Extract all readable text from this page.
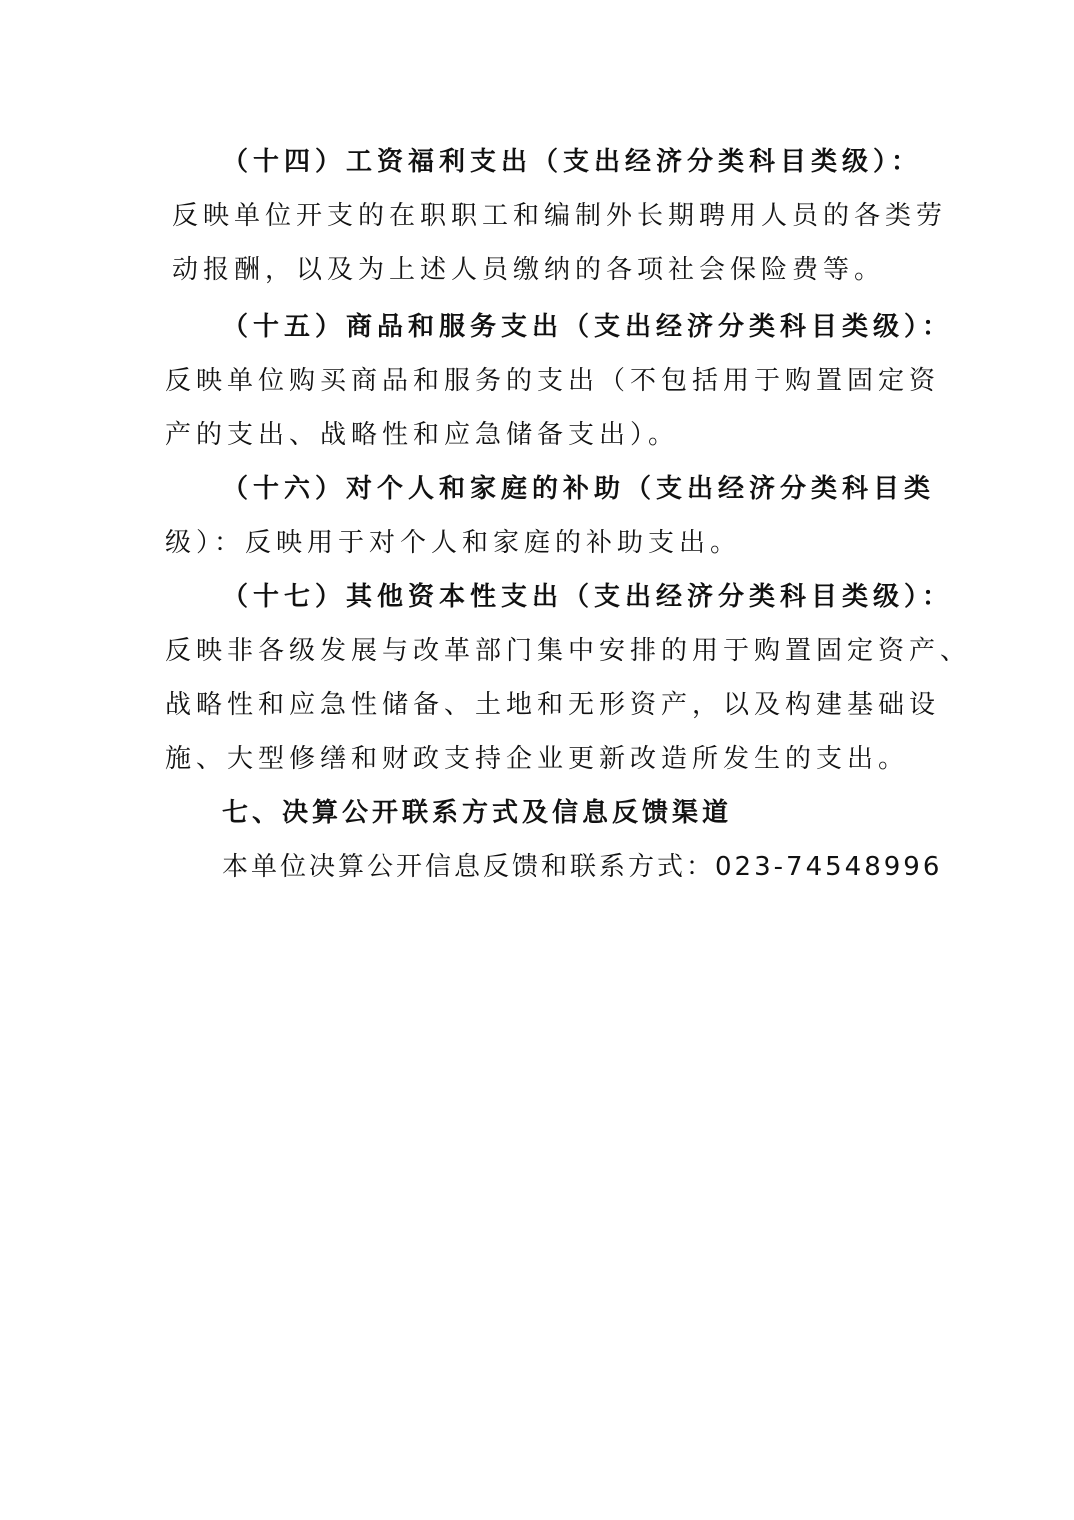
（十四）工资福利支出（支出经济分类科目类级）：
反映单位开支的在职职工和编制外长期聘用人员的各类劳
动报酬，以及为上述人员缴纳的各项社会保险费等。
（十五）商品和服务支出（支出经济分类科目类级）：
反映单位购买商品和服务的支出（不包括用于购置固定资
产的支出、战略性和应急储备支出）。
（十六）对个人和家庭的补助（支出经济分类科目类
级）：反映用于对个人和家庭的补助支出。
（十七）其他资本性支出（支出经济分类科目类级）：
反映非各级发展与改革部门集中安排的用于购置固定资产、
战略性和应急性储备、土地和无形资产，以及构建基础设
施、大型修缮和财政支持企业更新改造所发生的支出。
七、决算公开联系方式及信息反馈渠道
本单位决算公开信息反馈和联系方式：023-74548996
